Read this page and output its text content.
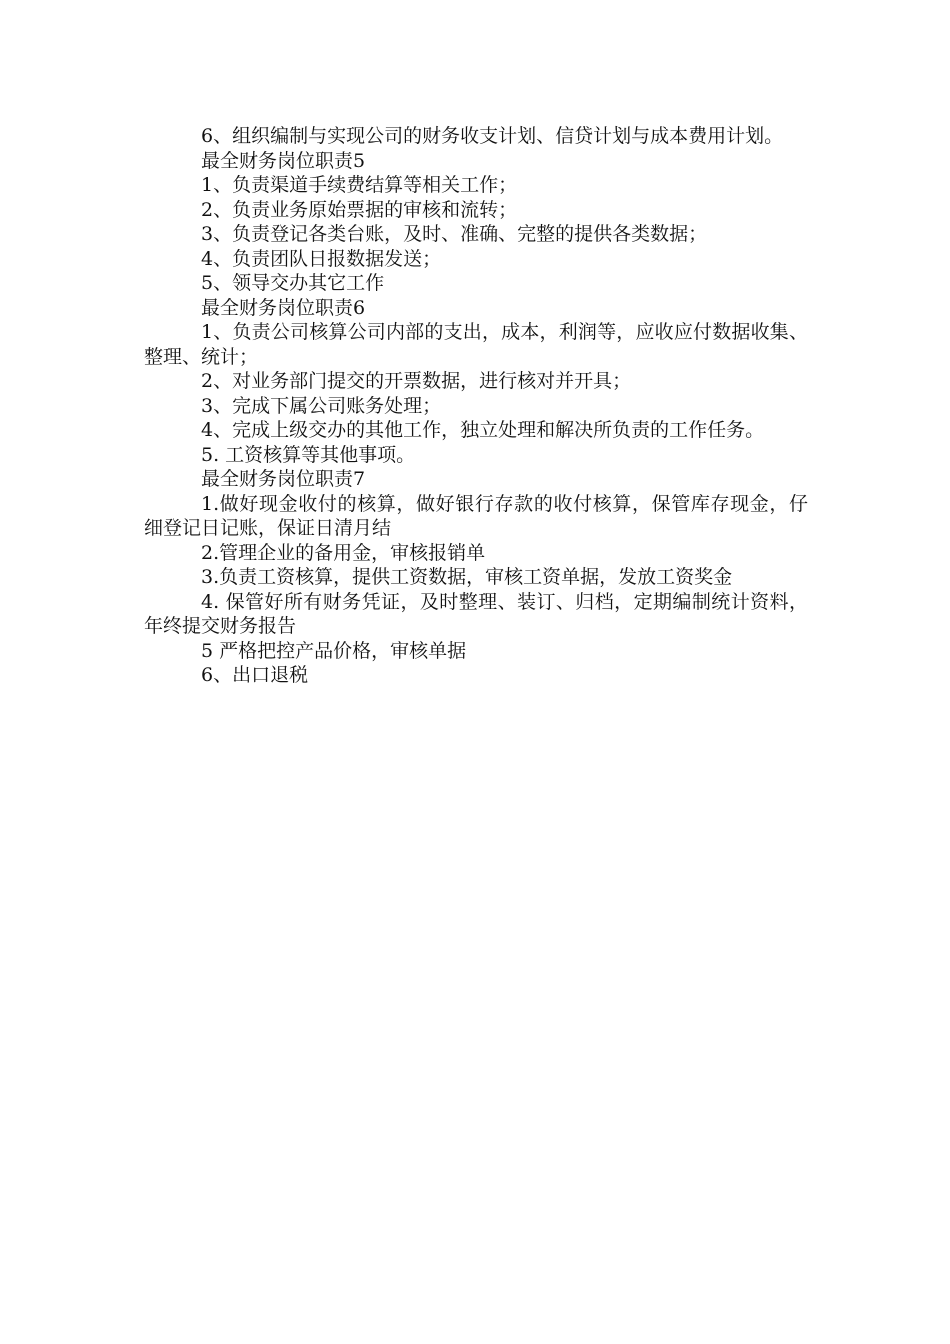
6、组织编制与实现公司的财务收支计划、信贷计划与成本费用计划。

最全财务岗位职责5

1、负责渠道手续费结算等相关工作；

2、负责业务原始票据的审核和流转；

3、负责登记各类台账，及时、准确、完整的提供各类数据；

4、负责团队日报数据发送；

5、领导交办其它工作

最全财务岗位职责6

1、负责公司核算公司内部的支出，成本，利润等，应收应付数据收集、整理、统计；

2、对业务部门提交的开票数据，进行核对并开具；

3、完成下属公司账务处理；

4、完成上级交办的其他工作，独立处理和解决所负责的工作任务。

5. 工资核算等其他事项。

最全财务岗位职责7

1.做好现金收付的核算，做好银行存款的收付核算，保管库存现金，仔细登记日记账，保证日清月结

2.管理企业的备用金，审核报销单

3.负责工资核算，提供工资数据，审核工资单据，发放工资奖金

4. 保管好所有财务凭证，及时整理、装订、归档，定期编制统计资料，年终提交财务报告

5 严格把控产品价格，审核单据

6、出口退税
